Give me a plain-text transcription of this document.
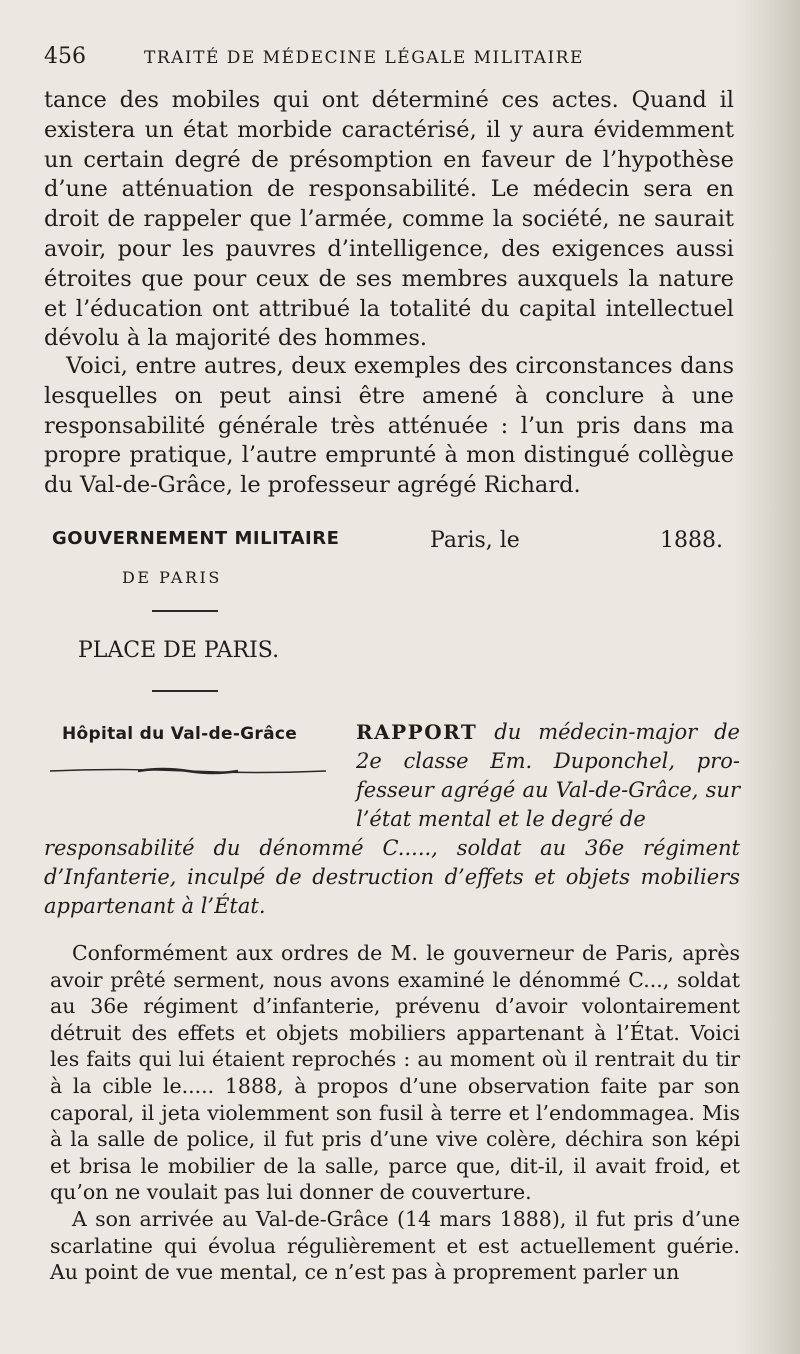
456	TRAITÉ DE MÉDECINE LÉGALE MILITAIRE

tance des mobiles qui ont déterminé ces actes. Quand il existera un état morbide caractérisé, il y aura évidemment un certain degré de présomption en faveur de l’hypothèse d’une atténuation de responsabilité. Le médecin sera en droit de rappeler que l’armée, comme la société, ne saurait avoir, pour les pauvres d’intelligence, des exigences aussi étroites que pour ceux de ses membres auxquels la nature et l’éducation ont attribué la totalité du capital intellectuel dévolu à la majorité des hommes.

Voici, entre autres, deux exemples des circonstances dans lesquelles on peut ainsi être amené à conclure à une responsabilité générale très atténuée : l’un pris dans ma propre pratique, l’autre emprunté à mon distingué collègue du Val-de-Grâce, le professeur agrégé Richard.

GOUVERNEMENT MILITAIRE
DE PARIS
PLACE DE PARIS.
Hôpital du Val-de-Grâce
Paris, le	1888.
RAPPORT du médecin-major de 2e classe Em. Duponchel, professeur agrégé au Val-de-Grâce, sur l’état mental et le degré de
responsabilité du dénommé C....., soldat au 36e régiment d’Infanterie, inculpé de destruction d’effets et objets mobiliers appartenant à l’État.

Conformément aux ordres de M. le gouverneur de Paris, après avoir prêté serment, nous avons examiné le dénommé C..., soldat au 36e régiment d’infanterie, prévenu d’avoir volontairement détruit des effets et objets mobiliers appartenant à l’État. Voici les faits qui lui étaient reprochés : au moment où il rentrait du tir à la cible le..... 1888, à propos d’une observation faite par son caporal, il jeta violemment son fusil à terre et l’endommagea. Mis à la salle de police, il fut pris d’une vive colère, déchira son képi et brisa le mobilier de la salle, parce que, dit-il, il avait froid, et qu’on ne voulait pas lui donner de couverture.

A son arrivée au Val-de-Grâce (14 mars 1888), il fut pris d’une scarlatine qui évolua régulièrement et est actuellement guérie. Au point de vue mental, ce n’est pas à proprement parler un
